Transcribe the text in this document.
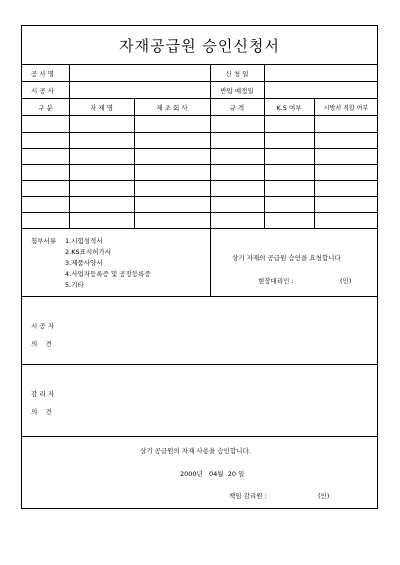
자재공급원 승인신청서
공 사 명	신 청 일
시 공 사	반입 예정일
구 분	자 재 명	제 조 회 사	규 격	K.S 여부	시방서 적합 여부
첨부서류	1.시험성적서
2.KS표시허가서
3.제품사양서
4.사업자등록증 및 공장등록증
5.기타
상기 자재의 공급원 승인을 요청합니다
현장대리인 :	(인)
시 공 자
의    견
감 리 자
의    견
상기 공급원의 자재 사용을 승인합니다.
2000년   04월  20 일
책임 감리원 :	(인)
